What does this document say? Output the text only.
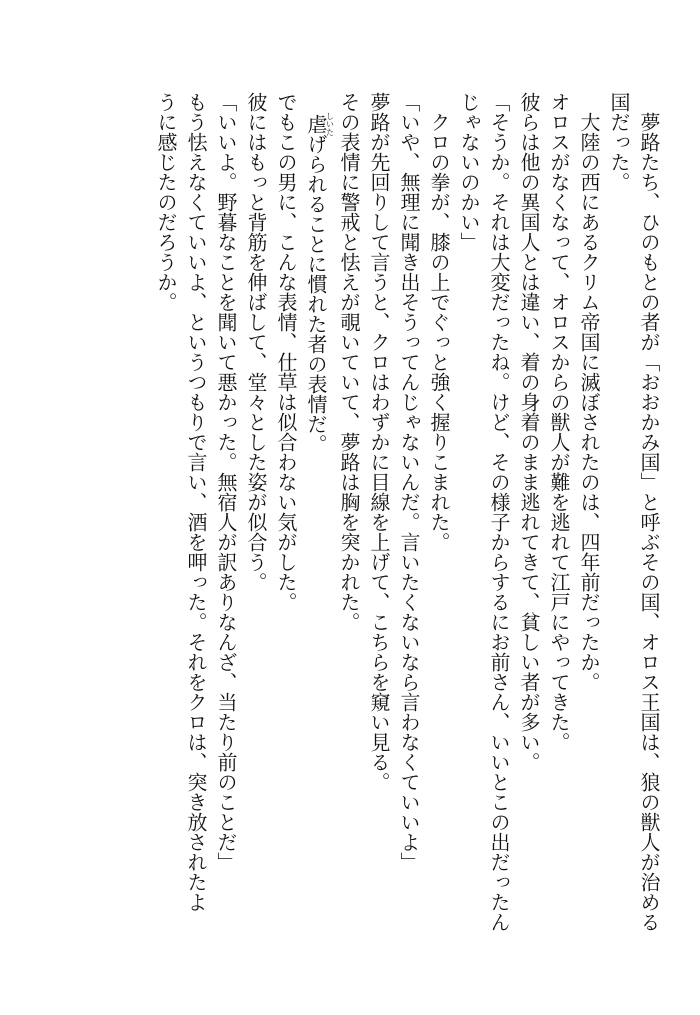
夢路たち、ひのもとの者が「おおかみ国」と呼ぶその国、オロス王国は、狼の獣人が治める

国だった。

大陸の西にあるクリム帝国に滅ぼされたのは、四年前だったか。

オロスがなくなって、オロスからの獣人が難を逃れて江戸にやってきた。

彼らは他の異国人とは違い、着の身着のまま逃れてきて、貧しい者が多い。

「そうか。それは大変だったね。けど、その様子からするにお前さん、いいとこの出だったん

じゃないのかい」

クロの拳が、膝の上でぐっと強く握りこまれた。

「いや、無理に聞き出そうってんじゃないんだ。言いたくないなら言わなくていいよ」

夢路が先回りして言うと、クロはわずかに目線を上げて、こちらを窺い見る。

その表情に警戒と怯えが覗いていて、夢路は胸を突かれた。

虐しいたげられることに慣れた者の表情だ。

でもこの男に、こんな表情、仕草は似合わない気がした。

彼にはもっと背筋を伸ばして、堂々とした姿が似合う。

「いいよ。野暮なことを聞いて悪かった。無宿人が訳ありなんざ、当たり前のことだ」

もう怯えなくていいよ、というつもりで言い、酒を呷った。それをクロは、突き放されたよ

うに感じたのだろうか。
